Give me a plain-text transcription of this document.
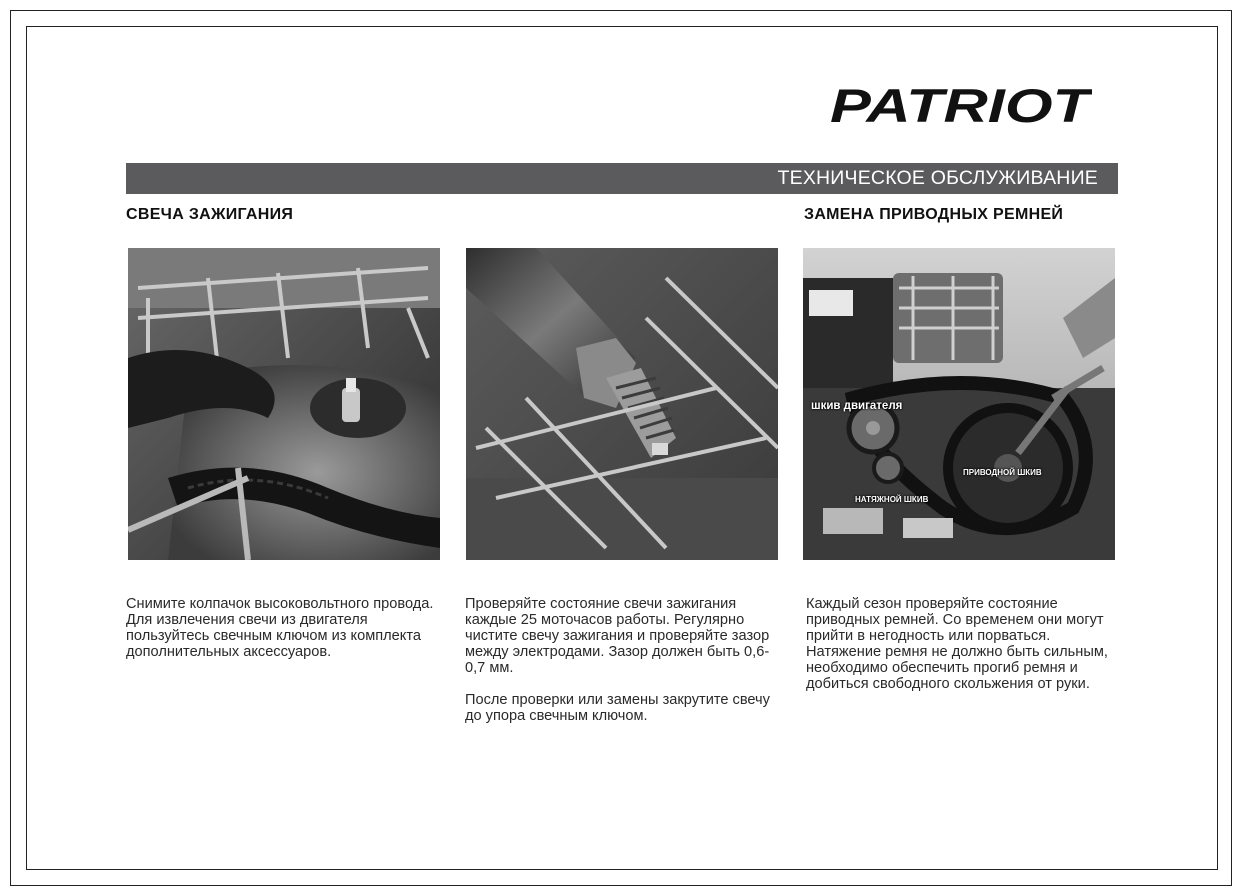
PATRIOT
ТЕХНИЧЕСКОЕ ОБСЛУЖИВАНИЕ
СВЕЧА ЗАЖИГАНИЯ	ЗАМЕНА ПРИВОДНЫХ РЕМНЕЙ
шкив двигателя
ПРИВОДНОЙ ШКИВ
НАТЯЖНОЙ ШКИВ

Снимите колпачок высоковольтного провода. Для извлечения свечи из двигателя пользуйтесь свечным ключом из комплекта дополнительных аксессуаров.

Проверяйте состояние свечи зажигания каждые 25 моточасов работы. Регулярно чистите свечу зажигания и проверяйте зазор между электродами. Зазор должен быть 0,6-0,7 мм.

После проверки или замены закрутите свечу до упора свечным ключом.

Каждый сезон проверяйте состояние приводных ремней. Со временем они могут прийти в негодность или порваться. Натяжение ремня не должно быть сильным, необходимо обеспечить прогиб ремня и добиться свободного скольжения от руки.
